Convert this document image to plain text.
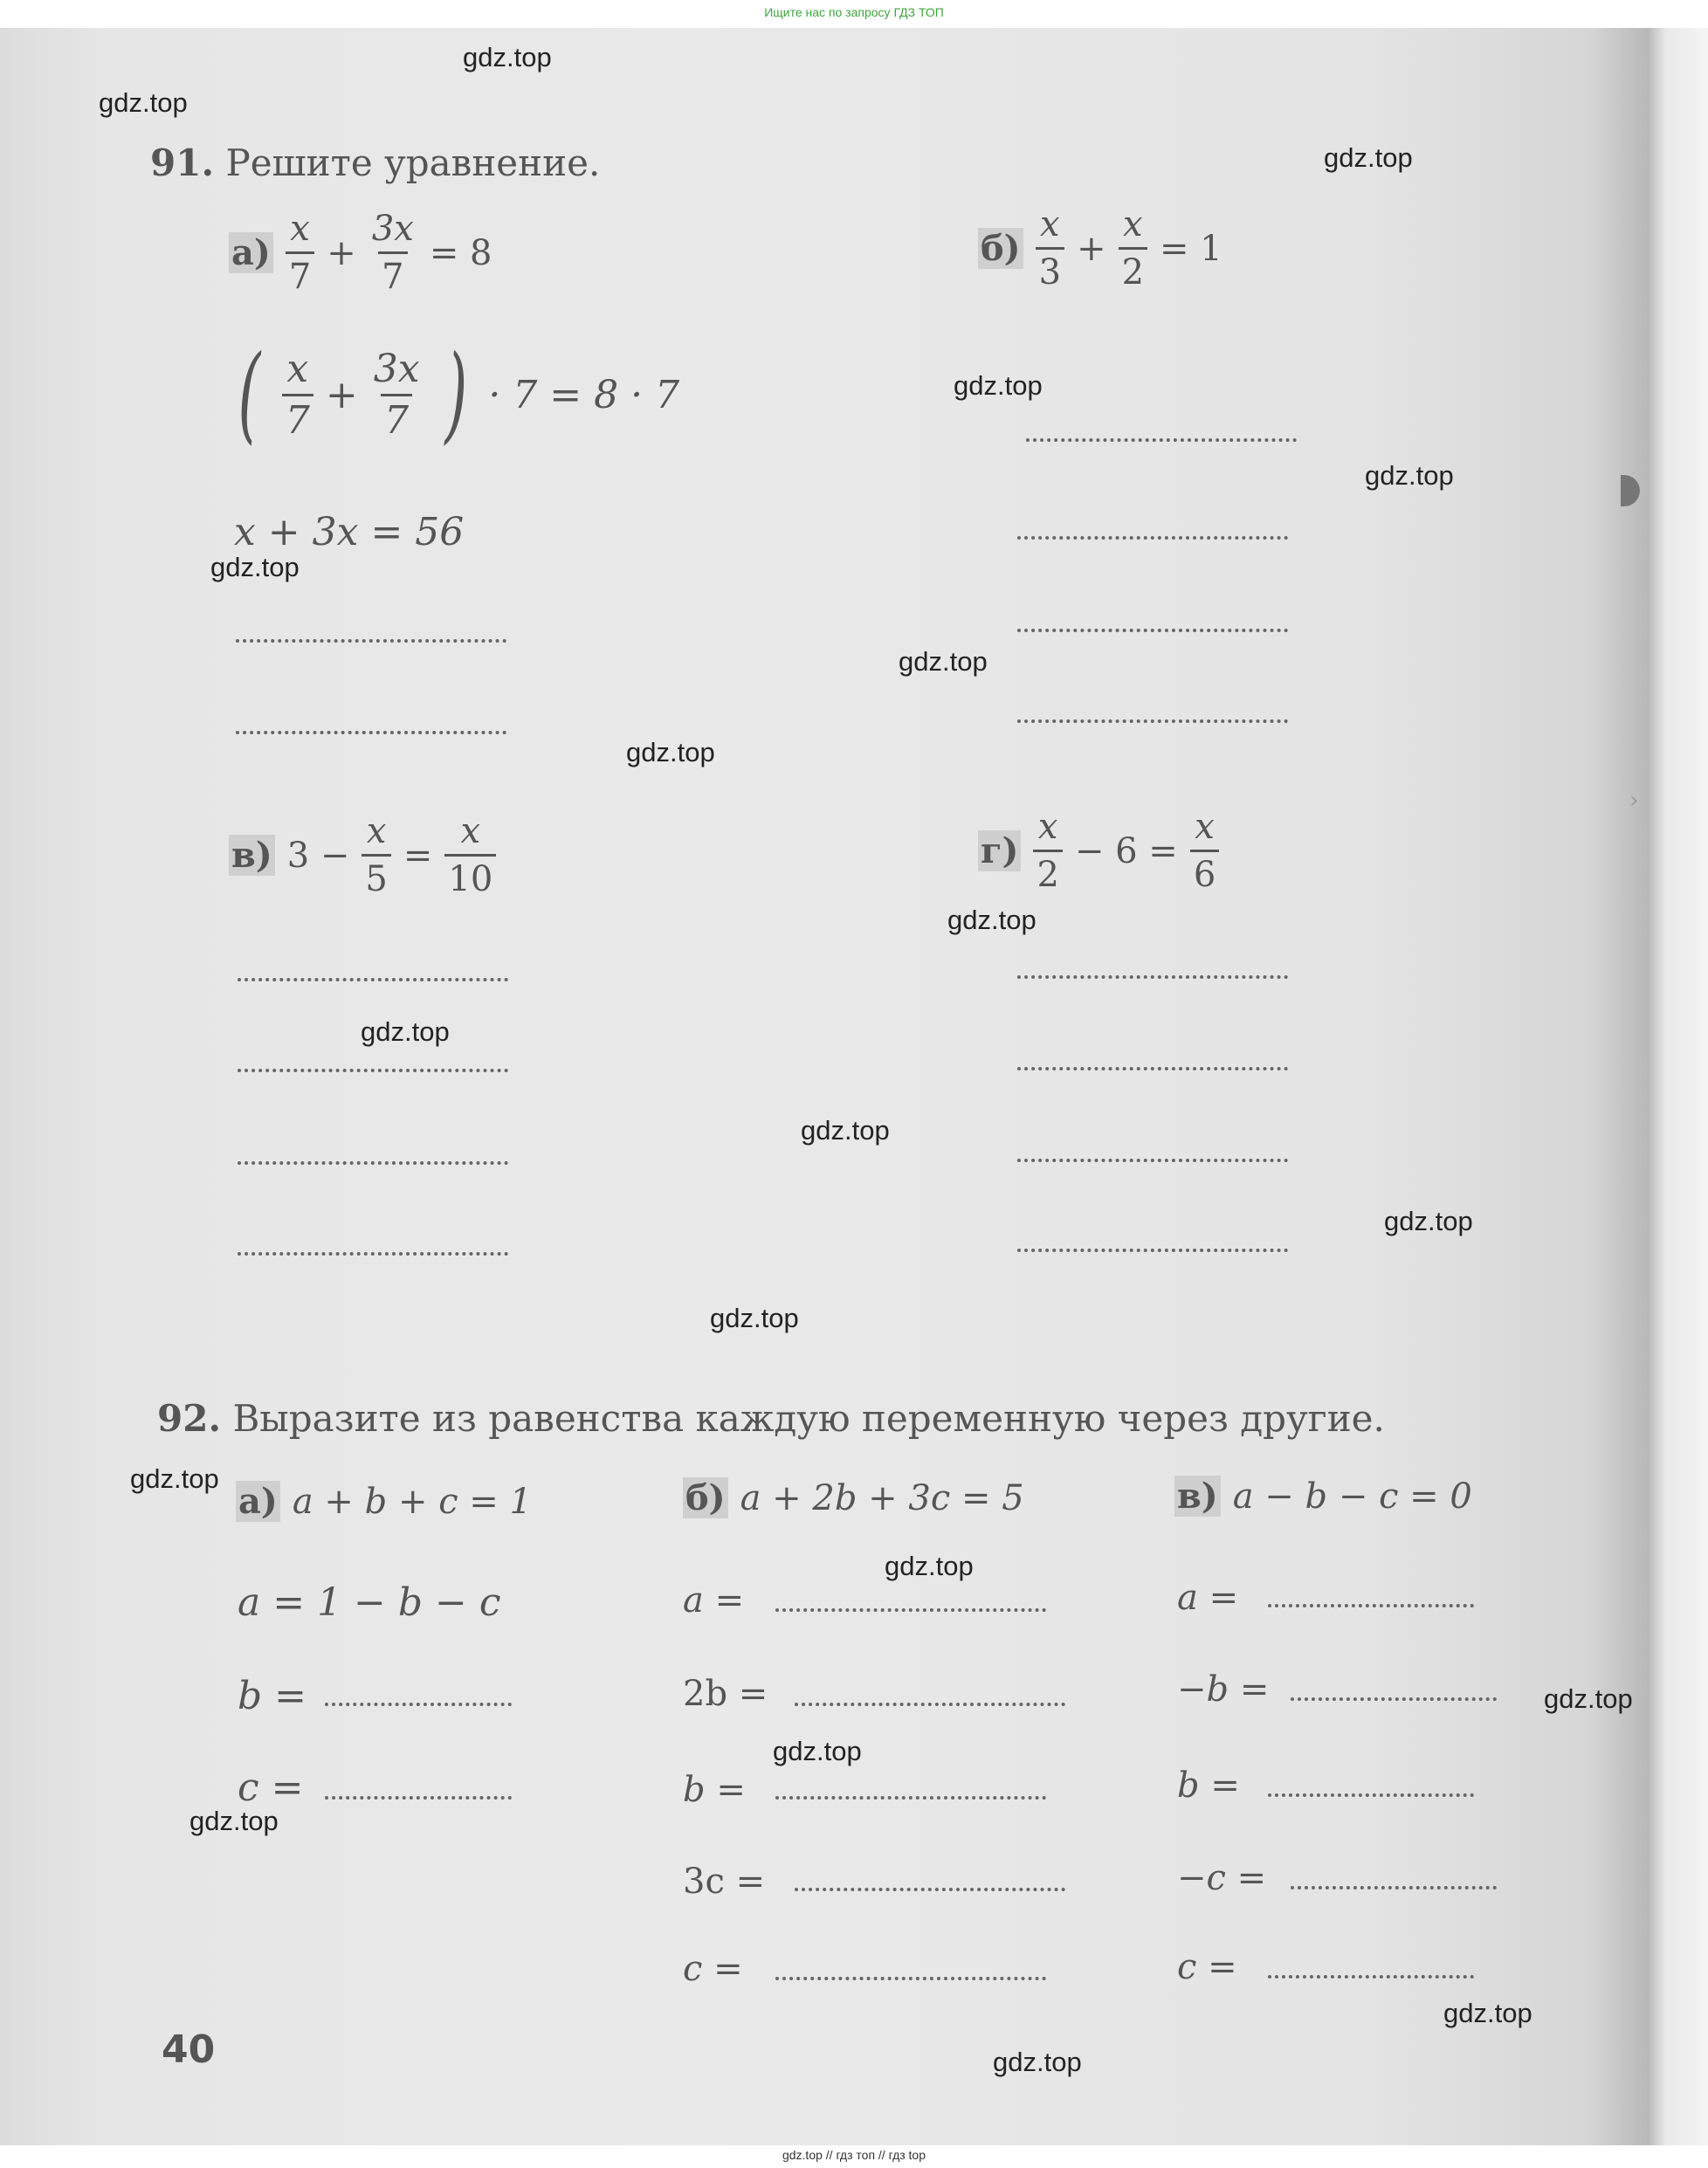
Ищите нас по запросу ГДЗ ТОП
›
91. Решите уравнение.
$а) \frac{x}{7} + \frac{3x}{7} = 8$
( $\frac{x}{7} + \frac{3x}{7}$ ) · 7 = 8 · 7
x + 3x = 56
$б) \frac{x}{3} + \frac{x}{2} = 1$
в) $3 - \frac{x}{5} = \frac{x}{10}$	$г) \frac{x}{2} - 6 = \frac{x}{6}$
92. Выразите из равенства каждую переменную через другие.
а) a + b + c = 1
a = 1 − b − c
b =
c =
б) a + 2b + 3c = 5
a =
2b =
b =
3c =
c =
в) a − b − c = 0
a =
−b =
b =
−c =
c =
40
gdz.top
gdz.top
gdz.top
gdz.top
gdz.top
gdz.top
gdz.top
gdz.top
gdz.top
gdz.top
gdz.top
gdz.top
gdz.top
gdz.top
gdz.top
gdz.top
gdz.top
gdz.top
gdz.top
gdz.top
gdz.top // гдз топ // гдз top
